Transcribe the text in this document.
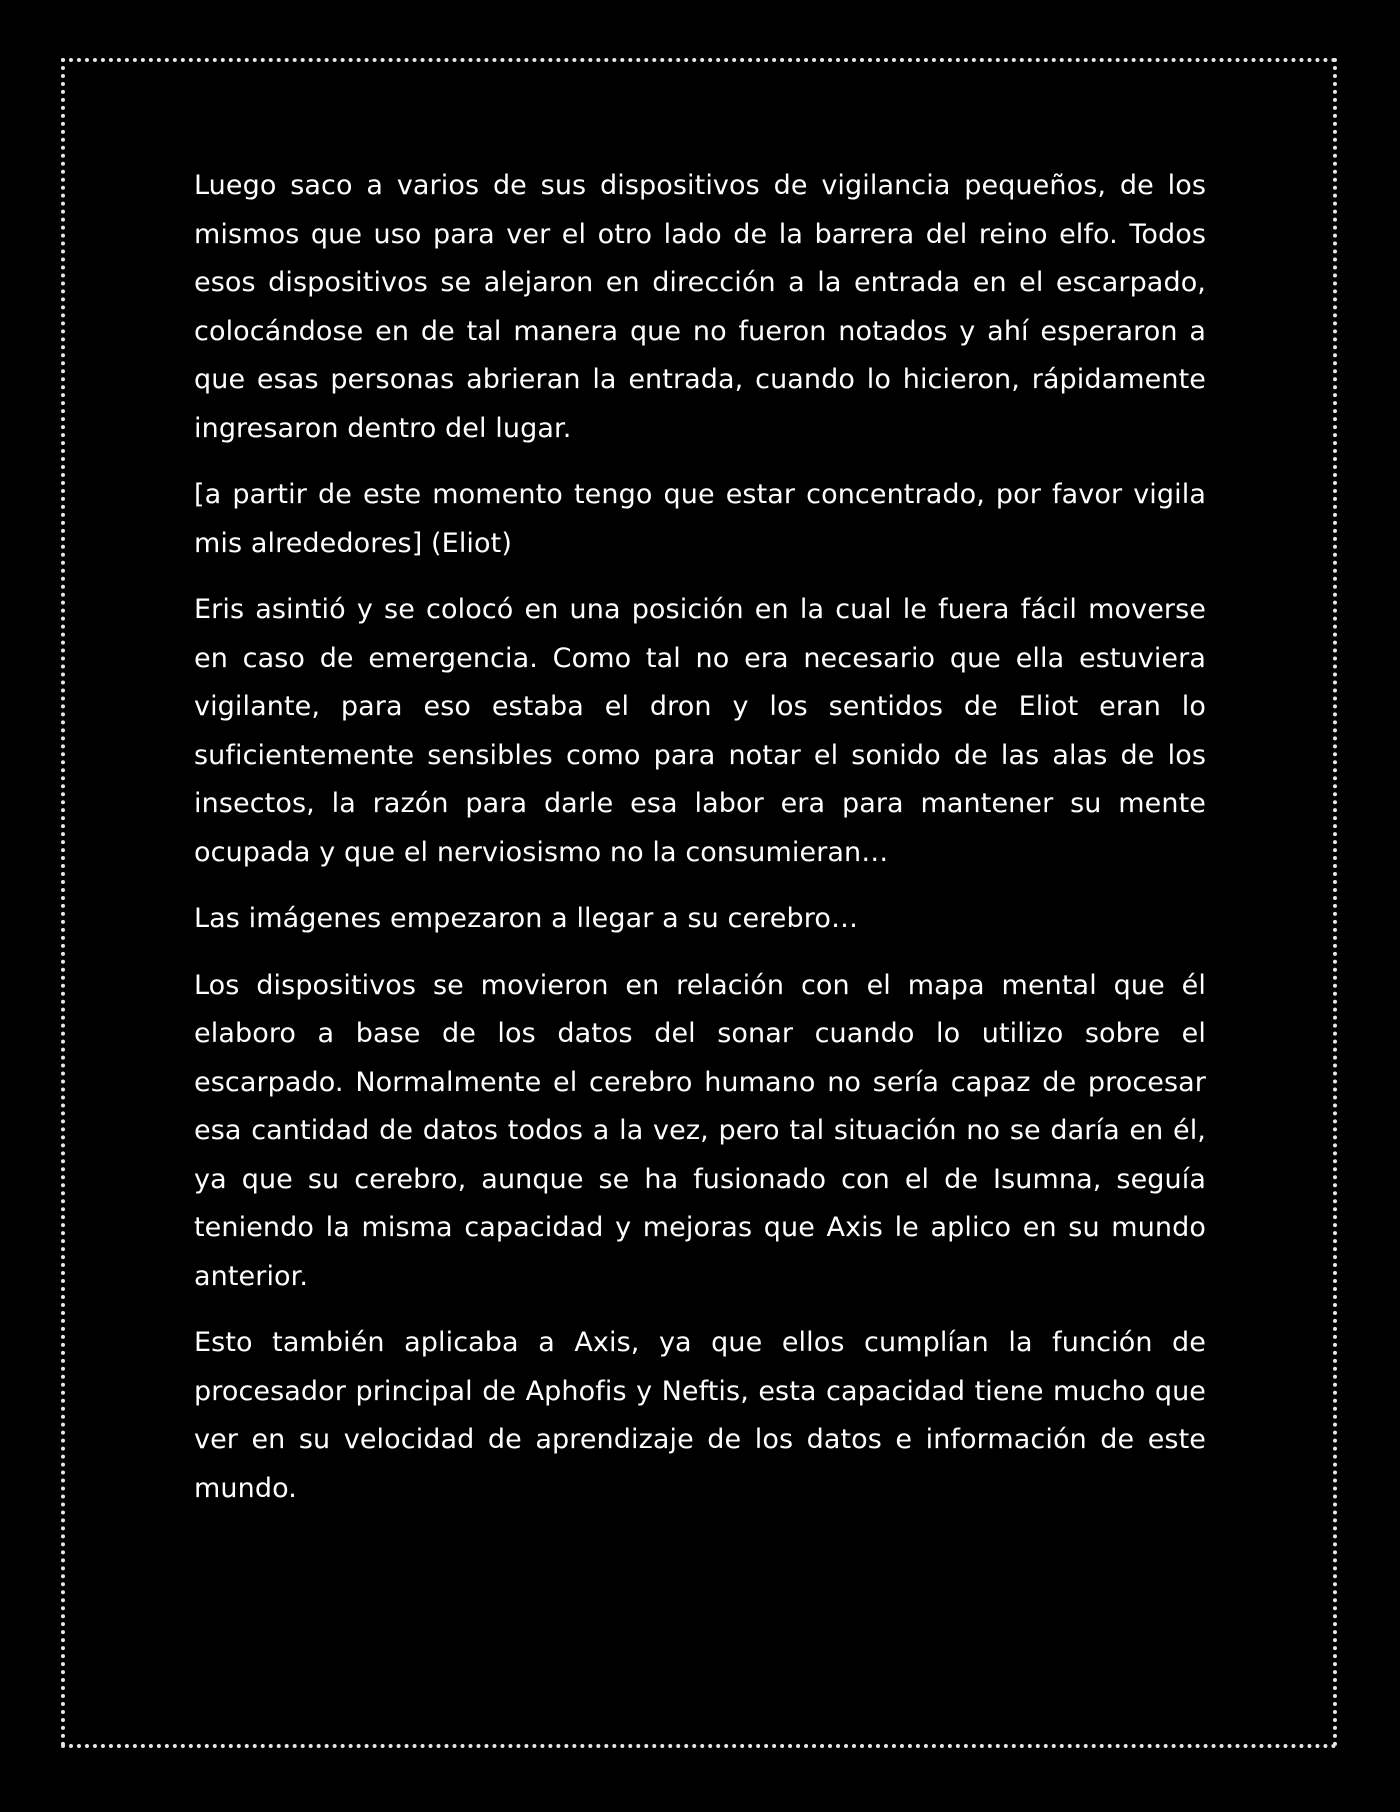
Luego saco a varios de sus dispositivos de vigilancia pequeños, de los mismos que uso para ver el otro lado de la barrera del reino elfo. Todos esos dispositivos se alejaron en dirección a la entrada en el escarpado, colocándose en de tal manera que no fueron notados y ahí esperaron a que esas personas abrieran la entrada, cuando lo hicieron, rápidamente ingresaron dentro del lugar.

[a partir de este momento tengo que estar concentrado, por favor vigila mis alrededores] (Eliot)

Eris asintió y se colocó en una posición en la cual le fuera fácil moverse en caso de emergencia. Como tal no era necesario que ella estuviera vigilante, para eso estaba el dron y los sentidos de Eliot eran lo suficientemente sensibles como para notar el sonido de las alas de los insectos, la razón para darle esa labor era para mantener su mente ocupada y que el nerviosismo no la consumieran…

Las imágenes empezaron a llegar a su cerebro…

Los dispositivos se movieron en relación con el mapa mental que él elaboro a base de los datos del sonar cuando lo utilizo sobre el escarpado. Normalmente el cerebro humano no sería capaz de procesar esa cantidad de datos todos a la vez, pero tal situación no se daría en él, ya que su cerebro, aunque se ha fusionado con el de Isumna, seguía teniendo la misma capacidad y mejoras que Axis le aplico en su mundo anterior.

Esto también aplicaba a Axis, ya que ellos cumplían la función de procesador principal de Aphofis y Neftis, esta capacidad tiene mucho que ver en su velocidad de aprendizaje de los datos e información de este mundo.
